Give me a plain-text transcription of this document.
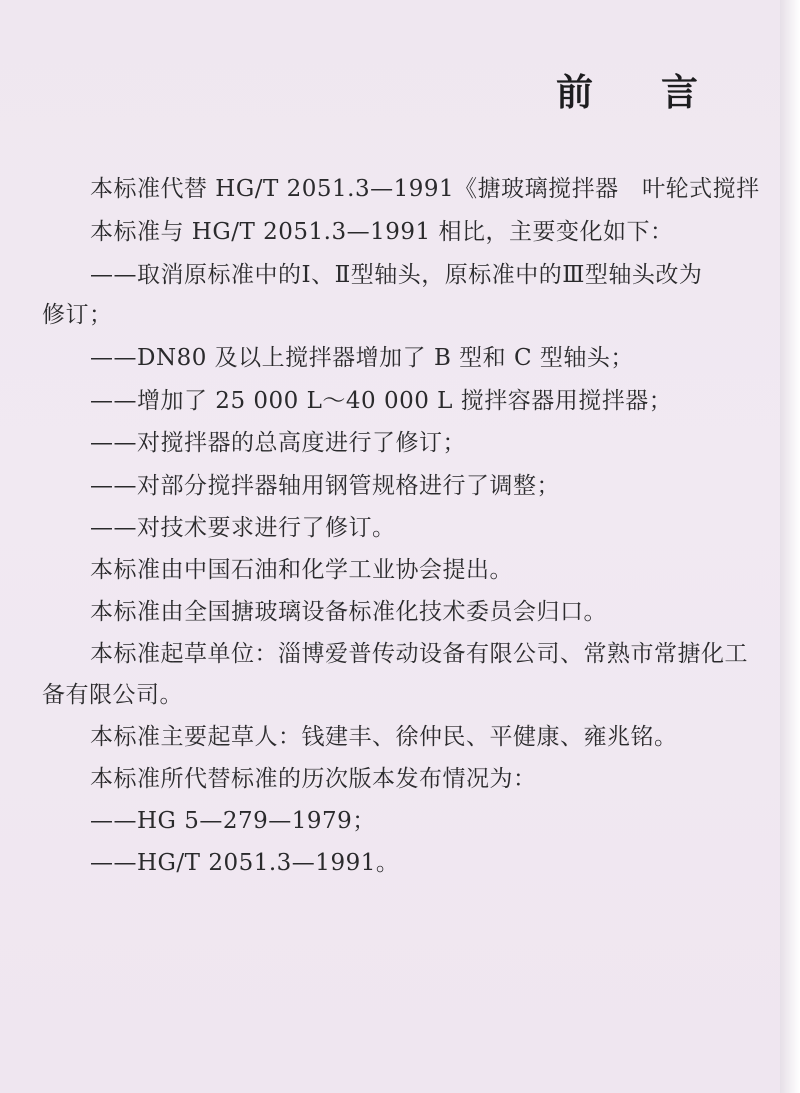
前言
本标准代替 HG/T 2051.3—1991《搪玻璃搅拌器　叶轮式搅拌
本标准与 HG/T 2051.3—1991 相比，主要变化如下：
——取消原标准中的Ⅰ、Ⅱ型轴头，原标准中的Ⅲ型轴头改为
修订；
——DN80 及以上搅拌器增加了 B 型和 C 型轴头；
——增加了 25 000 L～40 000 L 搅拌容器用搅拌器；
——对搅拌器的总高度进行了修订；
——对部分搅拌器轴用钢管规格进行了调整；
——对技术要求进行了修订。
本标准由中国石油和化学工业协会提出。
本标准由全国搪玻璃设备标准化技术委员会归口。
本标准起草单位：淄博爱普传动设备有限公司、常熟市常搪化工
备有限公司。
本标准主要起草人：钱建丰、徐仲民、平健康、雍兆铭。
本标准所代替标准的历次版本发布情况为：
——HG 5—279—1979；
——HG/T 2051.3—1991。
